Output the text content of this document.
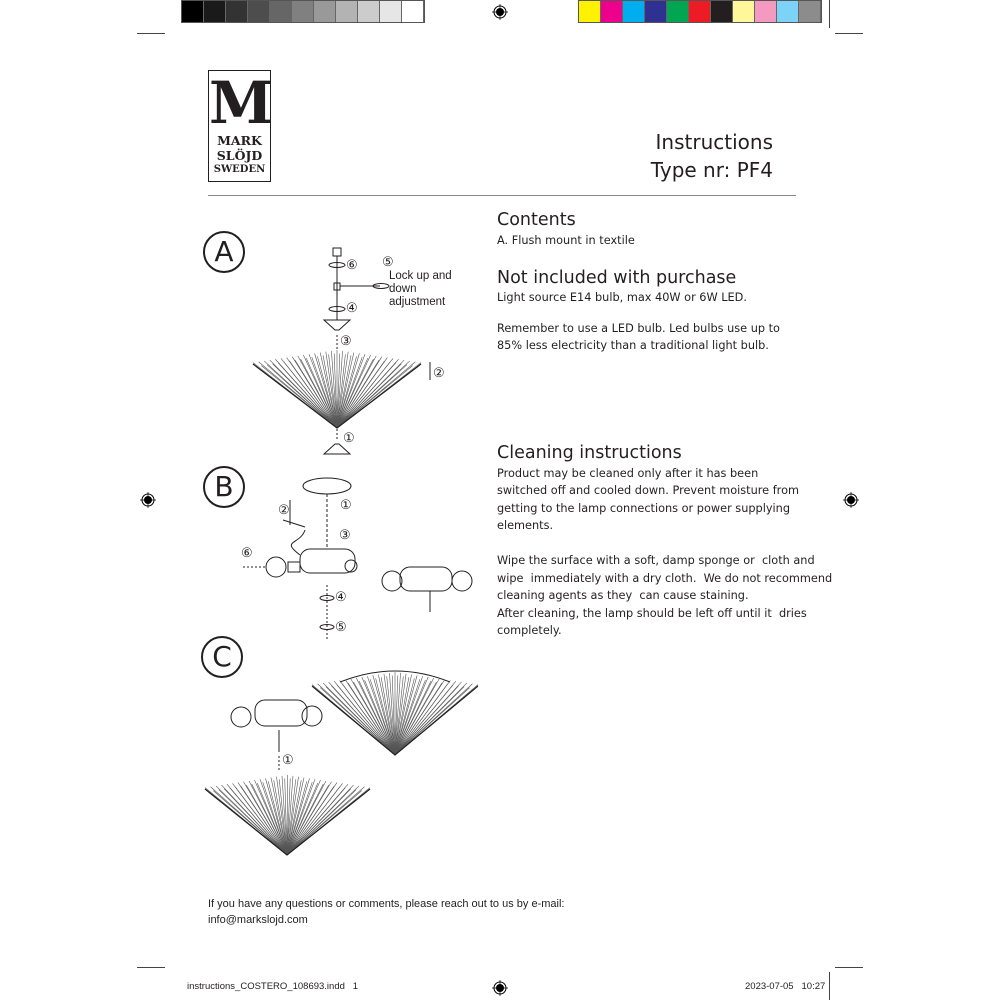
M
MARK
SLÖJD
SWEDEN
Instructions
Type nr: PF4
Contents
A. Flush mount in textile
Not included with purchase
Light source E14 bulb, max 40W or 6W LED.
Remember to use a LED bulb. Led bulbs use up to
85% less electricity than a traditional light bulb.
Cleaning instructions
Product may be cleaned only after it has been
switched off and cooled down. Prevent moisture from
getting to the lamp connections or power supplying
elements.
Wipe the surface with a soft, damp sponge or  cloth and
wipe  immediately with a dry cloth.  We do not recommend
cleaning agents as they  can cause staining.
After cleaning, the lamp should be left off until it  dries
completely.
A
B
C
⑥ ⑤
Lock up and
down
adjustment
④
③
②
①
①
②
③
⑥
④
⑤
①
If you have any questions or comments, please reach out to us by e-mail:
info@markslojd.com
instructions_COSTERO_108693.indd   1	2023-07-05   10:27
